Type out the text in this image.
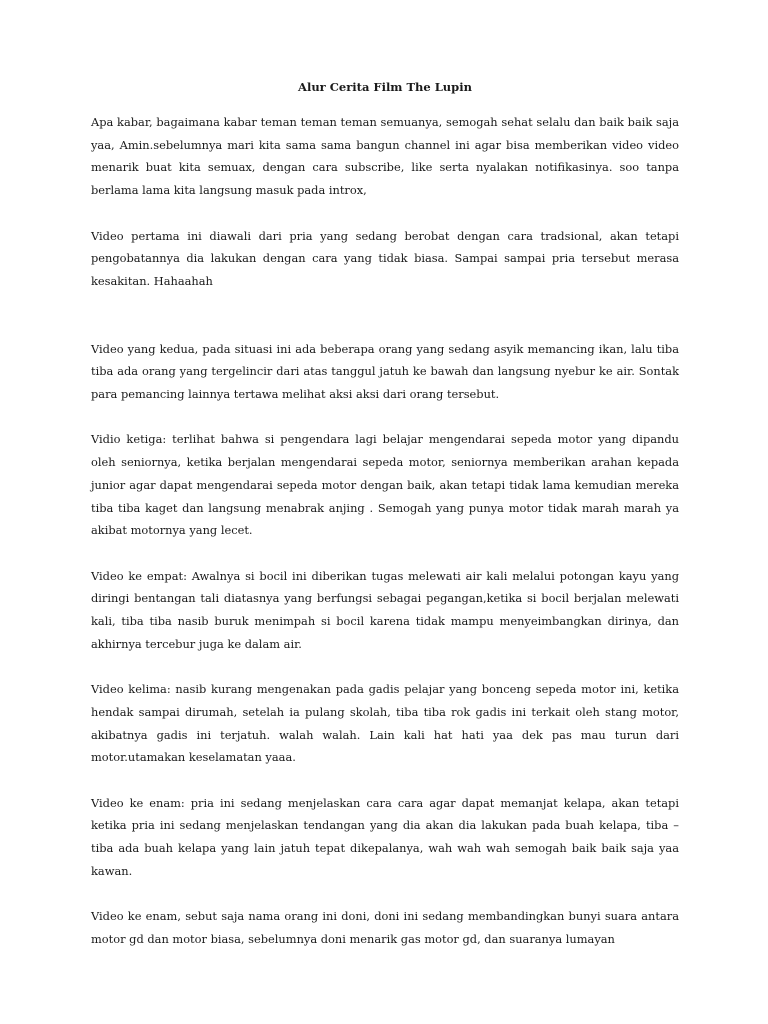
Alur Cerita Film The Lupin

Apa kabar, bagaimana kabar teman teman teman semuanya, semogah sehat selalu dan baik baik saja yaa, Amin.sebelumnya mari kita sama sama bangun channel ini agar bisa memberikan video video menarik buat kita semuax, dengan cara subscribe, like serta nyalakan notifikasinya. soo tanpa berlama lama kita langsung masuk pada introx,

Video pertama ini diawali dari pria yang sedang berobat dengan cara tradsional, akan tetapi pengobatannya dia lakukan dengan cara yang tidak biasa. Sampai sampai pria tersebut merasa kesakitan. Hahaahah

Video yang kedua, pada situasi ini ada beberapa orang yang sedang asyik memancing ikan, lalu tiba tiba ada orang yang tergelincir dari atas tanggul jatuh ke bawah dan langsung nyebur ke air. Sontak para pemancing lainnya tertawa melihat aksi aksi dari orang tersebut.

Vidio ketiga: terlihat bahwa si pengendara lagi belajar mengendarai sepeda motor yang dipandu oleh seniornya, ketika berjalan mengendarai sepeda motor, seniornya memberikan arahan kepada junior agar dapat mengendarai sepeda motor dengan baik, akan tetapi tidak lama kemudian mereka tiba tiba kaget dan langsung menabrak anjing . Semogah yang punya motor tidak marah marah ya akibat motornya yang lecet.

Video ke empat: Awalnya si bocil ini diberikan tugas melewati air kali melalui potongan kayu yang diringi bentangan tali diatasnya yang berfungsi sebagai pegangan,ketika si bocil berjalan melewati kali, tiba tiba nasib buruk menimpah si bocil karena tidak mampu menyeimbangkan dirinya, dan akhirnya tercebur juga ke dalam air.

Video kelima: nasib kurang mengenakan pada gadis pelajar yang bonceng sepeda motor ini, ketika hendak sampai dirumah, setelah ia pulang skolah, tiba tiba rok gadis ini terkait oleh stang motor, akibatnya gadis ini terjatuh. walah walah. Lain kali hat hati yaa dek pas mau turun dari motor.utamakan keselamatan yaaa.

Video ke enam: pria ini sedang menjelaskan cara cara agar dapat memanjat kelapa, akan tetapi ketika pria ini sedang menjelaskan tendangan yang dia akan dia lakukan pada buah kelapa, tiba – tiba ada buah kelapa yang lain jatuh tepat dikepalanya, wah wah wah semogah baik baik saja yaa kawan.

Video ke enam, sebut saja nama orang ini doni, doni ini sedang membandingkan bunyi suara antara motor gd dan motor biasa, sebelumnya doni menarik gas motor gd, dan suaranya lumayan
